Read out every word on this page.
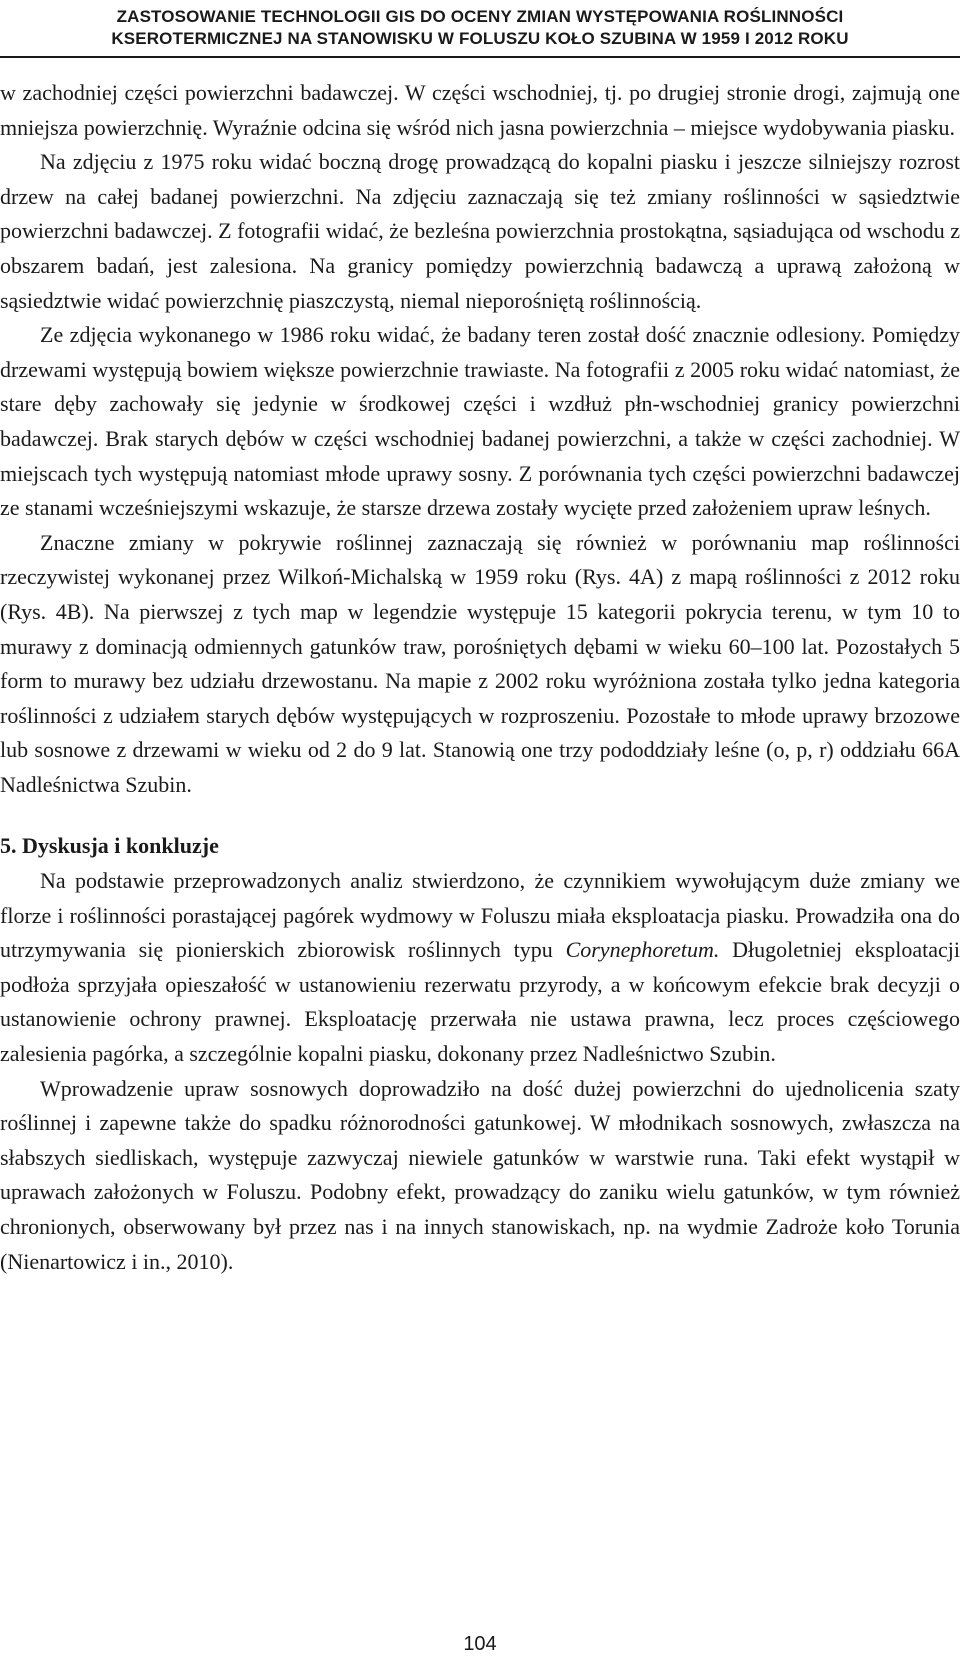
ZASTOSOWANIE TECHNOLOGII GIS DO OCENY ZMIAN WYSTĘPOWANIA ROŚLINNOŚCI
KSEROTERMICZNEJ NA STANOWISKU W FOLUSZU KOŁO SZUBINA W 1959 I 2012 ROKU

w zachodniej części powierzchni badawczej. W części wschodniej, tj. po drugiej stronie drogi, zajmują one mniejsza powierzchnię. Wyraźnie odcina się wśród nich jasna powierzchnia – miejsce wydobywania piasku.

Na zdjęciu z 1975 roku widać boczną drogę prowadzącą do kopalni piasku i jeszcze silniejszy rozrost drzew na całej badanej powierzchni. Na zdjęciu zaznaczają się też zmiany roślinności w sąsiedztwie powierzchni badawczej. Z fotografii widać, że bezleśna powierzchnia prostokątna, sąsiadująca od wschodu z obszarem badań, jest zalesiona. Na granicy pomiędzy powierzchnią badawczą a uprawą założoną w sąsiedztwie widać powierzchnię piaszczystą, niemal nieporośniętą roślinnością.

Ze zdjęcia wykonanego w 1986 roku widać, że badany teren został dość znacznie odlesiony. Pomiędzy drzewami występują bowiem większe powierzchnie trawiaste. Na fotografii z 2005 roku widać natomiast, że stare dęby zachowały się jedynie w środkowej części i wzdłuż płn-wschodniej granicy powierzchni badawczej. Brak starych dębów w części wschodniej badanej powierzchni, a także w części zachodniej. W miejscach tych występują natomiast młode uprawy sosny. Z porównania tych części powierzchni badawczej ze stanami wcześniejszymi wskazuje, że starsze drzewa zostały wycięte przed założeniem upraw leśnych.

Znaczne zmiany w pokrywie roślinnej zaznaczają się również w porównaniu map roślinności rzeczywistej wykonanej przez Wilkoń-Michalską w 1959 roku (Rys. 4A) z mapą roślinności z 2012 roku (Rys. 4B). Na pierwszej z tych map w legendzie występuje 15 kategorii pokrycia terenu, w tym 10 to murawy z dominacją odmiennych gatunków traw, porośniętych dębami w wieku 60–100 lat. Pozostałych 5 form to murawy bez udziału drzewostanu. Na mapie z 2002 roku wyróżniona została tylko jedna kategoria roślinności z udziałem starych dębów występujących w rozproszeniu. Pozostałe to młode uprawy brzozowe lub sosnowe z drzewami w wieku od 2 do 9 lat. Stanowią one trzy pododdziały leśne (o, p, r) oddziału 66A Nadleśnictwa Szubin.

5. Dyskusja i konkluzje

Na podstawie przeprowadzonych analiz stwierdzono, że czynnikiem wywołującym duże zmiany we florze i roślinności porastającej pagórek wydmowy w Foluszu miała eksploatacja piasku. Prowadziła ona do utrzymywania się pionierskich zbiorowisk roślinnych typu Corynephoretum. Długoletniej eksploatacji podłoża sprzyjała opieszałość w ustanowieniu rezerwatu przyrody, a w końcowym efekcie brak decyzji o ustanowienie ochrony prawnej. Eksploatację przerwała nie ustawa prawna, lecz proces częściowego zalesienia pagórka, a szczególnie kopalni piasku, dokonany przez Nadleśnictwo Szubin.

Wprowadzenie upraw sosnowych doprowadziło na dość dużej powierzchni do ujednolicenia szaty roślinnej i zapewne także do spadku różnorodności gatunkowej. W młodnikach sosnowych, zwłaszcza na słabszych siedliskach, występuje zazwyczaj niewiele gatunków w warstwie runa. Taki efekt wystąpił w uprawach założonych w Foluszu. Podobny efekt, prowadzący do zaniku wielu gatunków, w tym również chronionych, obserwowany był przez nas i na innych stanowiskach, np. na wydmie Zadroże koło Torunia (Nienartowicz i in., 2010).

104
